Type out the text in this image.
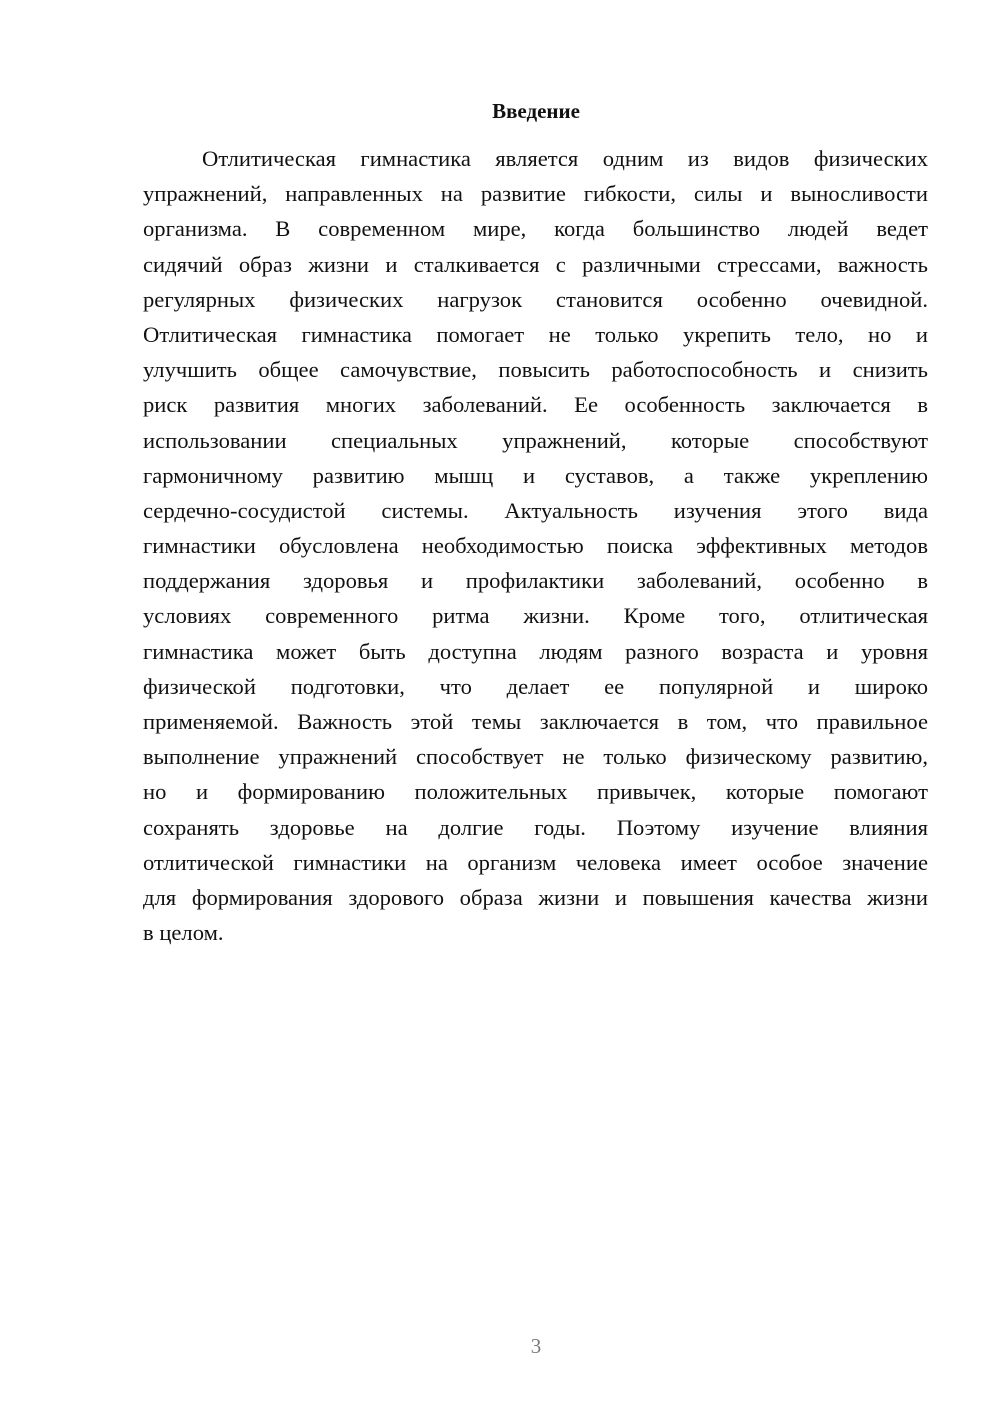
Введение
Отлитическая гимнастика является одним из видов физических
упражнений, направленных на развитие гибкости, силы и выносливости
организма. В современном мире, когда большинство людей ведет
сидячий образ жизни и сталкивается с различными стрессами, важность
регулярных физических нагрузок становится особенно очевидной.
Отлитическая гимнастика помогает не только укрепить тело, но и
улучшить общее самочувствие, повысить работоспособность и снизить
риск развития многих заболеваний. Ее особенность заключается в
использовании специальных упражнений, которые способствуют
гармоничному развитию мышц и суставов, а также укреплению
сердечно-сосудистой системы. Актуальность изучения этого вида
гимнастики обусловлена необходимостью поиска эффективных методов
поддержания здоровья и профилактики заболеваний, особенно в
условиях современного ритма жизни. Кроме того, отлитическая
гимнастика может быть доступна людям разного возраста и уровня
физической подготовки, что делает ее популярной и широко
применяемой. Важность этой темы заключается в том, что правильное
выполнение упражнений способствует не только физическому развитию,
но и формированию положительных привычек, которые помогают
сохранять здоровье на долгие годы. Поэтому изучение влияния
отлитической гимнастики на организм человека имеет особое значение
для формирования здорового образа жизни и повышения качества жизни
в целом.
3
